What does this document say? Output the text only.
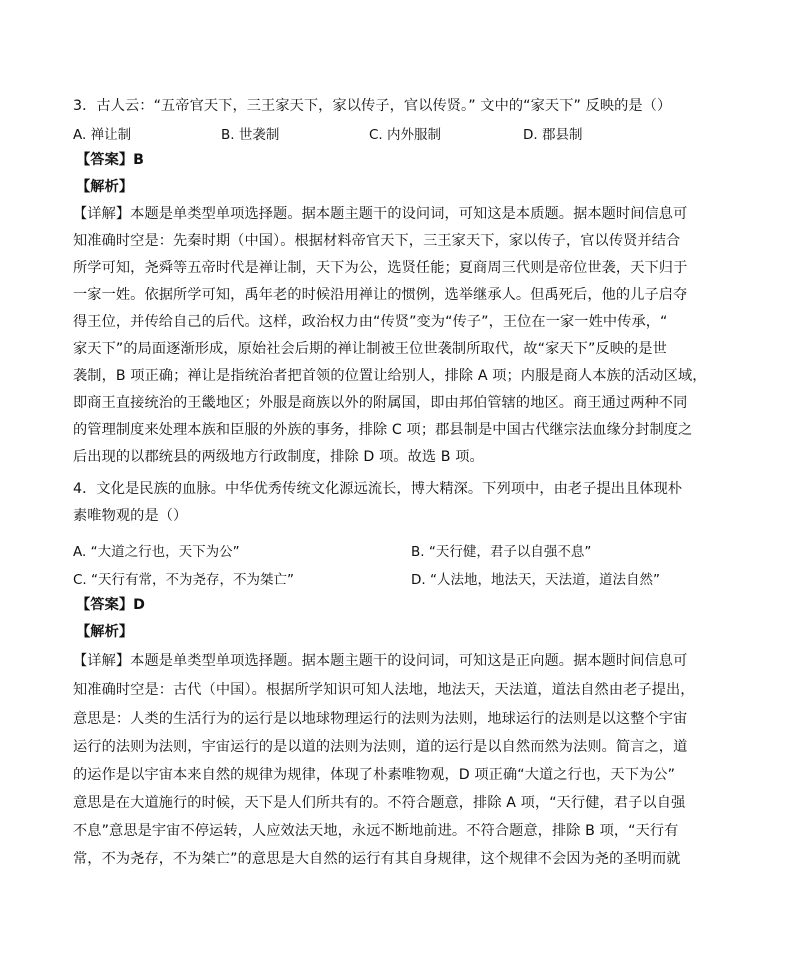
3．古人云：“五帝官天下，三王家天下，家以传子，官以传贤。” 文中的“家天下” 反映的是（）
A. 禅让制	B. 世袭制	C. 内外服制	D. 郡县制
【答案】B
【解析】
【详解】本题是单类型单项选择题。据本题主题干的设问词，可知这是本质题。据本题时间信息可
知准确时空是：先秦时期（中国）。根据材料帝官天下，三王家天下，家以传子，官以传贤并结合
所学可知，尧舜等五帝时代是禅让制，天下为公，选贤任能；夏商周三代则是帝位世袭，天下归于
一家一姓。依据所学可知，禹年老的时候沿用禅让的惯例，选举继承人。但禹死后，他的儿子启夺
得王位，并传给自己的后代。这样，政治权力由“传贤”变为“传子”，王位在一家一姓中传承，“
家天下”的局面逐渐形成，原始社会后期的禅让制被王位世袭制所取代，故“家天下”反映的是世
袭制，B 项正确；禅让是指统治者把首领的位置让给别人，排除 A 项；内服是商人本族的活动区域，
即商王直接统治的王畿地区；外服是商族以外的附属国，即由邦伯管辖的地区。商王通过两种不同
的管理制度来处理本族和臣服的外族的事务，排除 C 项；郡县制是中国古代继宗法血缘分封制度之
后出现的以郡统县的两级地方行政制度，排除 D 项。故选 B 项。
4．文化是民族的血脉。中华优秀传统文化源远流长，博大精深。下列项中，由老子提出且体现朴
素唯物观的是（）
A. “大道之行也，天下为公”	B. “天行健，君子以自强不息”
C. “天行有常，不为尧存，不为桀亡”	D. “人法地，地法天，天法道，道法自然”
【答案】D
【解析】
【详解】本题是单类型单项选择题。据本题主题干的设问词，可知这是正向题。据本题时间信息可
知准确时空是：古代（中国）。根据所学知识可知人法地，地法天，天法道，道法自然由老子提出，
意思是：人类的生活行为的运行是以地球物理运行的法则为法则，地球运行的法则是以这整个宇宙
运行的法则为法则，宇宙运行的是以道的法则为法则，道的运行是以自然而然为法则。简言之，道
的运作是以宇宙本来自然的规律为规律，体现了朴素唯物观，D 项正确“大道之行也，天下为公”
意思是在大道施行的时候，天下是人们所共有的。不符合题意，排除 A 项，“天行健，君子以自强
不息”意思是宇宙不停运转，人应效法天地，永远不断地前进。不符合题意，排除 B 项，“天行有
常，不为尧存，不为桀亡”的意思是大自然的运行有其自身规律，这个规律不会因为尧的圣明而就
